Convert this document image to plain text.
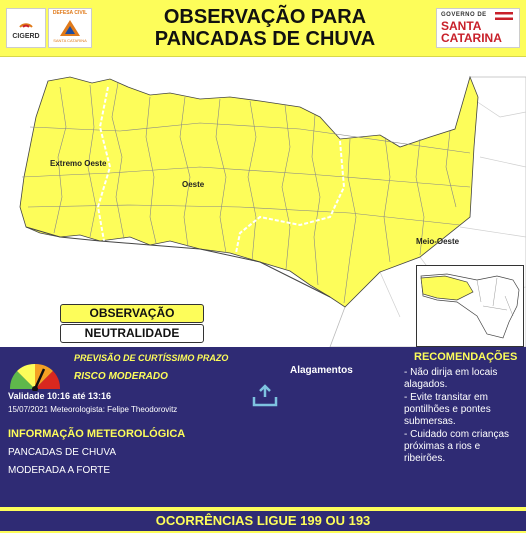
CIGERD
DEFESA CIVIL
SANTA CATARINA
OBSERVAÇÃO PARA
PANCADAS DE CHUVA
GOVERNO DE
SANTA
CATARINA
Extremo Oeste
Oeste
Meio-Oeste
OBSERVAÇÃO
NEUTRALIDADE
PREVISÃO DE CURTÍSSIMO PRAZO
RISCO MODERADO
Validade 10:16 até 13:16
15/07/2021 Meteorologista: Felipe Theodorovitz
Alagamentos
INFORMAÇÃO METEOROLÓGICA
PANCADAS DE CHUVA
MODERADA A FORTE
RECOMENDAÇÕES
- Não dirija em locais alagados.
- Evite transitar em pontilhões e pontes submersas.
- Cuidado com crianças próximas a rios e ribeirões.
OCORRÊNCIAS LIGUE 199 OU 193
